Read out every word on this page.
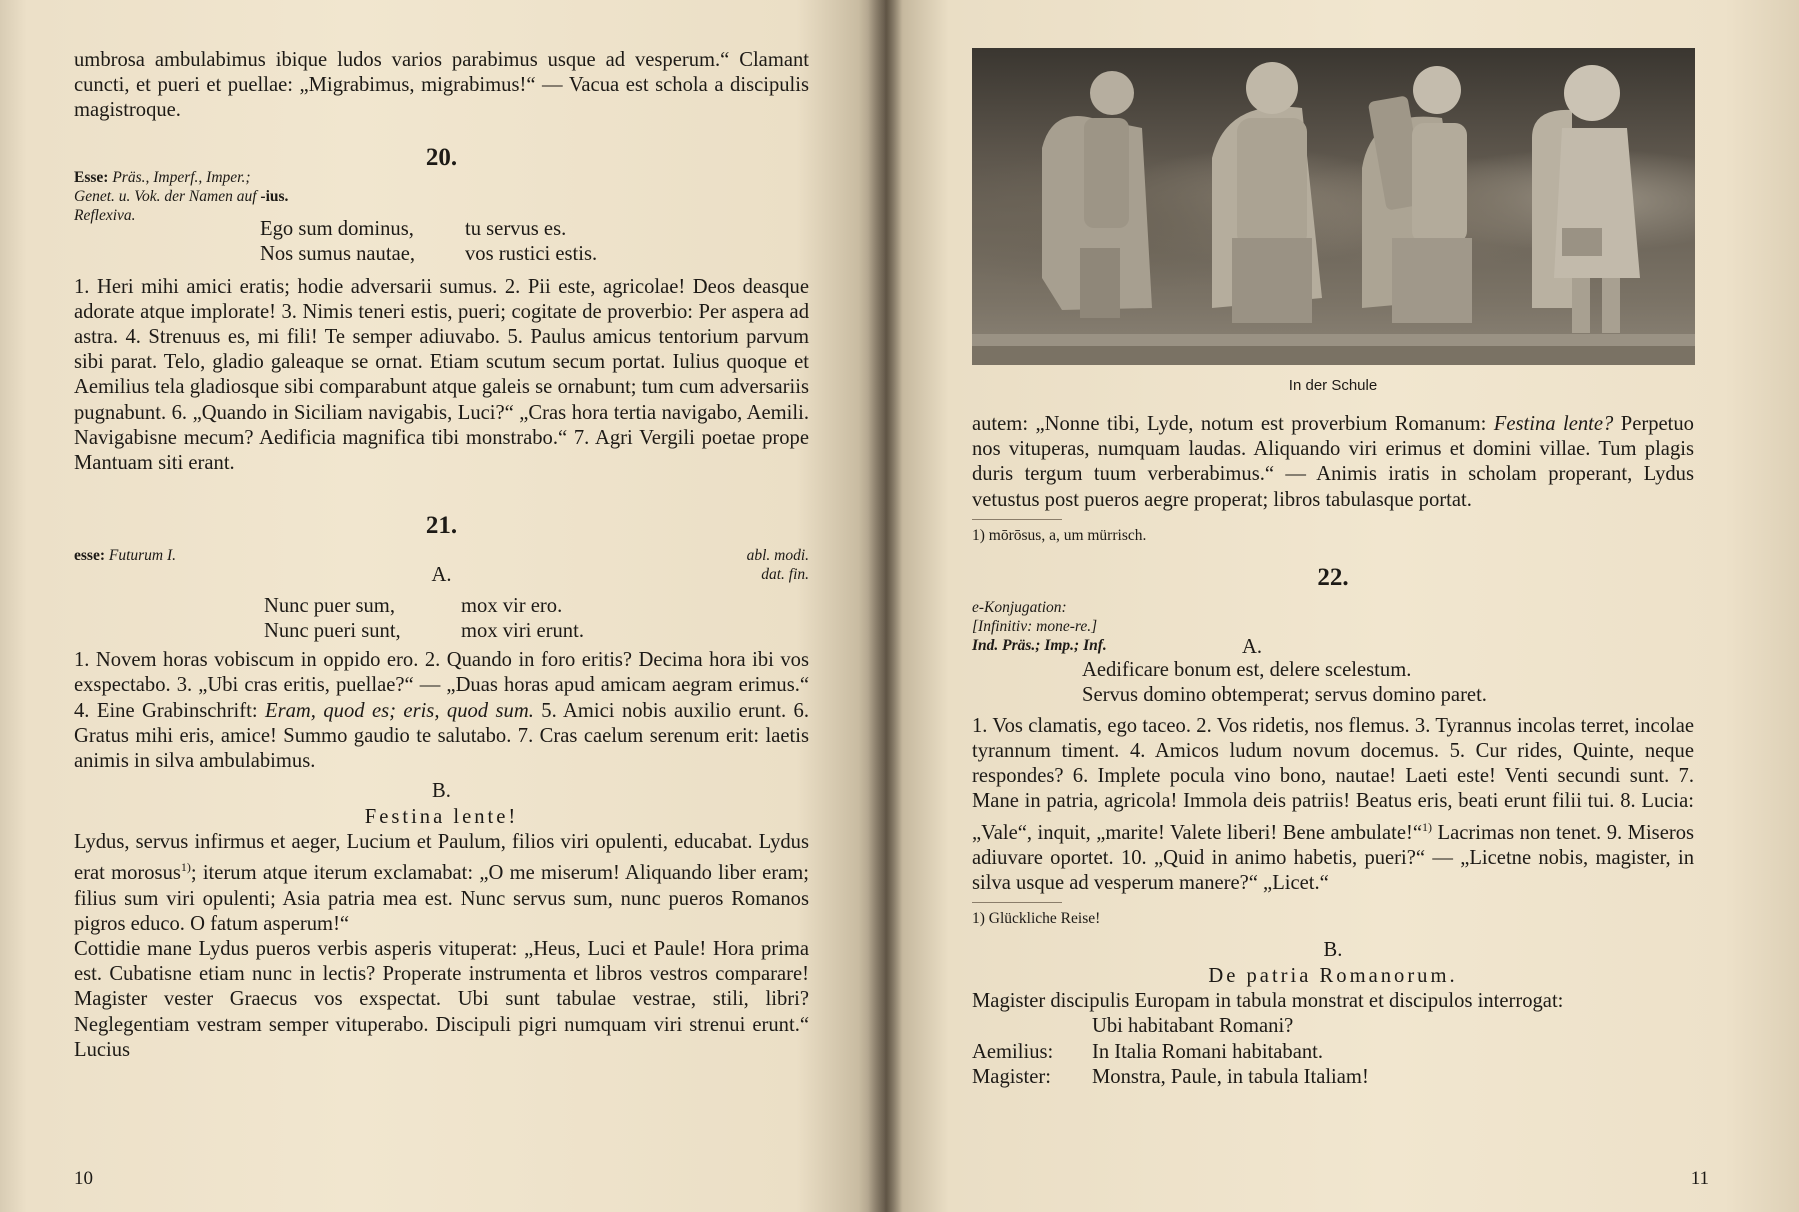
umbrosa ambulabimus ibique ludos varios parabimus usque ad vesperum.“ Clamant cuncti, et pueri et puellae: „Migrabimus, migrabimus!“ — Vacua est schola a discipulis magistroque.

20.
Esse: Präs., Imperf., Imper.;
Genet. u. Vok. der Namen auf -ius.
Reflexiva.
Ego sum dominus, tu servus es.
Nos sumus nautae, vos rustici estis.

1. Heri mihi amici eratis; hodie adversarii sumus. 2. Pii este, agricolae! Deos deasque adorate atque implorate! 3. Nimis teneri estis, pueri; cogitate de proverbio: Per aspera ad astra. 4. Strenuus es, mi fili! Te semper adiuvabo. 5. Paulus amicus tentorium parvum sibi parat. Telo, gladio galeaque se ornat. Etiam scutum secum portat. Iulius quoque et Aemilius tela gladiosque sibi comparabunt atque galeis se ornabunt; tum cum adversariis pugnabunt. 6. „Quando in Siciliam navigabis, Luci?“ „Cras hora tertia navigabo, Aemili. Navigabisne mecum? Aedificia magnifica tibi monstrabo.“ 7. Agri Vergili poetae prope Mantuam siti erant.

21.
esse: Futurum I.	abl. modi.
dat. fin.
A.
Nunc puer sum,	mox vir ero.
Nunc pueri sunt,	mox viri erunt.

1. Novem horas vobiscum in oppido ero. 2. Quando in foro eritis? Decima hora ibi vos exspectabo. 3. „Ubi cras eritis, puellae?“ — „Duas horas apud amicam aegram erimus.“ 4. Eine Grabinschrift: Eram, quod es; eris, quod sum. 5. Amici nobis auxilio erunt. 6. Gratus mihi eris, amice! Summo gaudio te salutabo. 7. Cras caelum serenum erit: laetis animis in silva ambulabimus.

B.
Festina lente!

Lydus, servus infirmus et aeger, Lucium et Paulum, filios viri opulenti, educabat. Lydus erat morosus$^{1)}$; iterum atque iterum exclamabat: „O me miserum! Aliquando liber eram; filius sum viri opulenti; Asia patria mea est. Nunc servus sum, nunc pueros Romanos pigros educo. O fatum asperum!“

Cottidie mane Lydus pueros verbis asperis vituperat: „Heus, Luci et Paule! Hora prima est. Cubatisne etiam nunc in lectis? Properate instrumenta et libros vestros comparare! Magister vester Graecus vos exspectat. Ubi sunt tabulae vestrae, stili, libri? Neglegentiam vestram semper vituperabo. Discipuli pigri numquam viri strenui erunt.“ Lucius

10
In der Schule

autem: „Nonne tibi, Lyde, notum est proverbium Romanum: Festina lente? Perpetuo nos vituperas, numquam laudas. Aliquando viri erimus et domini villae. Tum plagis duris tergum tuum verberabimus.“ — Animis iratis in scholam properant, Lydus vetustus post pueros aegre properat; libros tabulasque portat.

1) mōrōsus, a, um mürrisch.
22.
e-Konjugation:
[Infinitiv: mone-re.]
Ind. Präs.; Imp.; Inf.	A.
Aedificare bonum est, delere scelestum.
Servus domino obtemperat; servus domino paret.

1. Vos clamatis, ego taceo. 2. Vos ridetis, nos flemus. 3. Tyrannus incolas terret, incolae tyrannum timent. 4. Amicos ludum novum docemus. 5. Cur rides, Quinte, neque respondes? 6. Implete pocula vino bono, nautae! Laeti este! Venti secundi sunt. 7. Mane in patria, agricola! Immola deis patriis! Beatus eris, beati erunt filii tui. 8. Lucia: „Vale“, inquit, „marite! Valete liberi! Bene ambulate!“$^{1)}$ Lacrimas non tenet. 9. Miseros adiuvare oportet. 10. „Quid in animo habetis, pueri?“ — „Licetne nobis, magister, in silva usque ad vesperum manere?“ „Licet.“

1) Glückliche Reise!
B.
De patria Romanorum.

Magister discipulis Europam in tabula monstrat et discipulos interrogat:

Ubi habitabant Romani?
Aemilius:	In Italia Romani habitabant.
Magister:	Monstra, Paule, in tabula Italiam!
11
